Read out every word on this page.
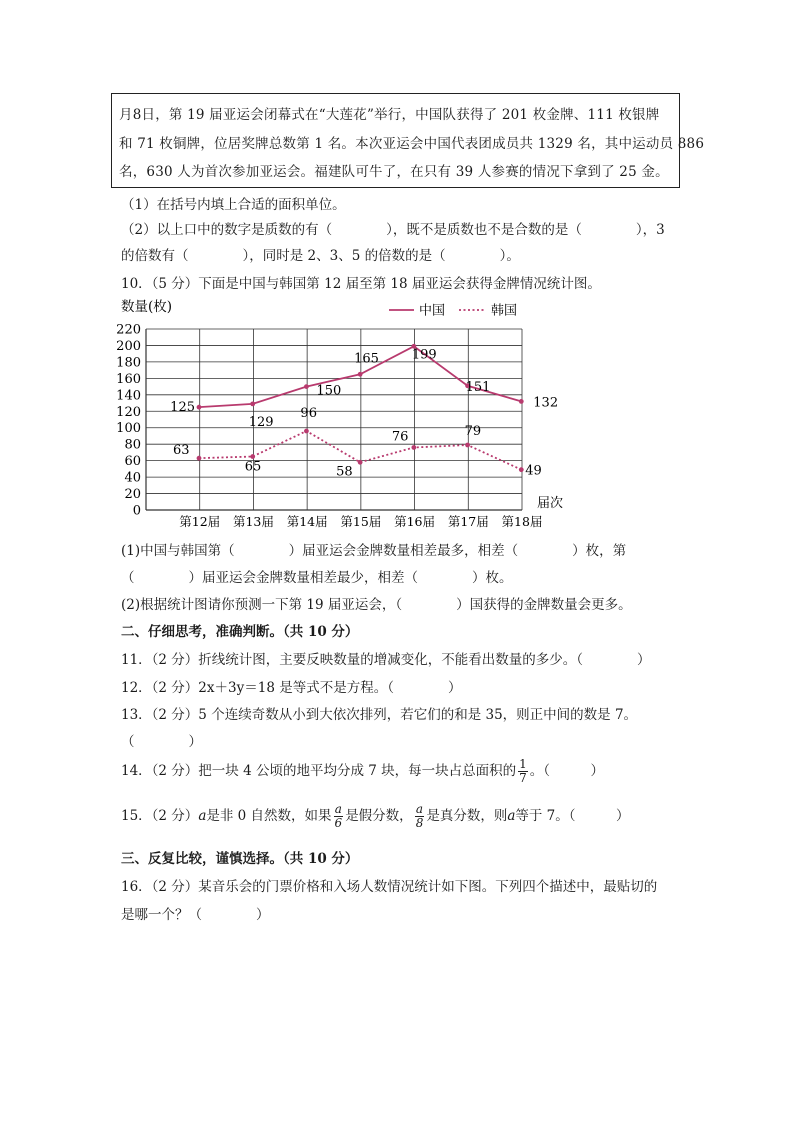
月8日，第 19 届亚运会闭幕式在“大莲花”举行，中国队获得了 201 枚金牌、111 枚银牌
和 71 枚铜牌，位居奖牌总数第 1 名。本次亚运会中国代表团成员共 1329 名，其中运动员 886
名，630 人为首次参加亚运会。福建队可牛了，在只有 39 人参赛的情况下拿到了 25 金。
（1）在括号内填上合适的面积单位。
（2）以上口中的数字是质数的有（　　　　），既不是质数也不是合数的是（　　　　），3
的倍数有（　　　　），同时是 2、3、5 的倍数的是（　　　　）。
10．（5 分）下面是中国与韩国第 12 届至第 18 届亚运会获得金牌情况统计图。
0
20
40
60
80
100
120
140
160
180
200
220
第12届 第13届 第14届 第15届 第16届 第17届 第18届
数量(枚)
届次
中国	韩国
125
129
150
165	199
151
132
63
65
96
58
76	79
49
(1)中国与韩国第（　　　　）届亚运会金牌数量相差最多，相差（　　　　）枚，第
（　　　　）届亚运会金牌数量相差最少，相差（　　　　）枚。
(2)根据统计图请你预测一下第 19 届亚运会，（　　　　）国获得的金牌数量会更多。
二、仔细思考，准确判断。（共 10 分）
11．（2 分）折线统计图，主要反映数量的增减变化，不能看出数量的多少。（　　　　）
12．（2 分）2x＋3y＝18 是等式不是方程。（　　　　）
13．（2 分）5 个连续奇数从小到大依次排列，若它们的和是 35，则正中间的数是 7。
（　　　　）
14．（2 分）把一块 4 公顷的地平均分成 7 块，每一块占总面积的 $\frac{1}{7}$ 。（　　　）
15．（2 分）a是非 0 自然数，如果 $\frac{a}{6}$ 是假分数， $\frac{a}{8}$ 是真分数，则a等于 7。（　　　）
三、反复比较，谨慎选择。（共 10 分）
16．（2 分）某音乐会的门票价格和入场人数情况统计如下图。下列四个描述中，最贴切的
是哪一个？（　　　　）
